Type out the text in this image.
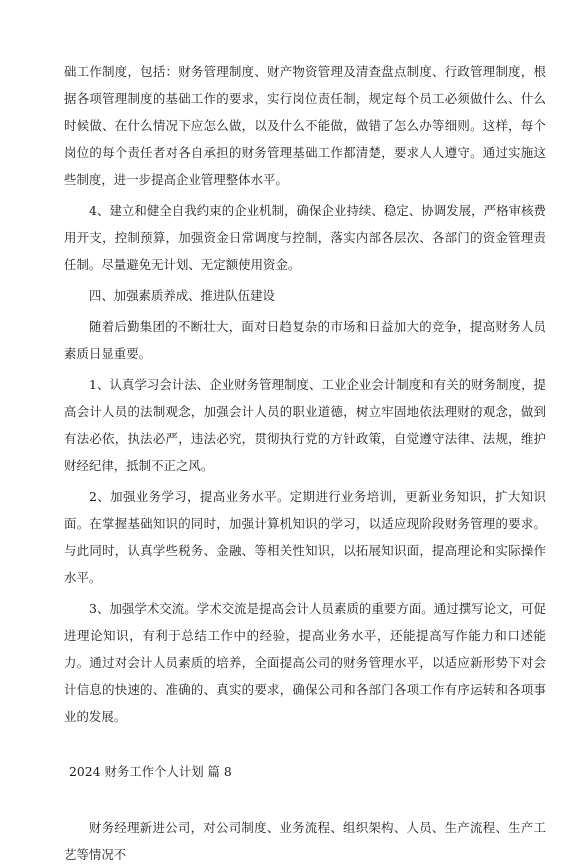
础工作制度，包括：财务管理制度、财产物资管理及清查盘点制度、行政管理制度，根据各项管理制度的基础工作的要求，实行岗位责任制，规定每个员工必须做什么、什么时候做、在什么情况下应怎么做，以及什么不能做，做错了怎么办等细则。这样，每个岗位的每个责任者对各自承担的财务管理基础工作都清楚，要求人人遵守。通过实施这些制度，进一步提高企业管理整体水平。

4、建立和健全自我约束的企业机制，确保企业持续、稳定、协调发展，严格审核费用开支，控制预算，加强资金日常调度与控制，落实内部各层次、各部门的资金管理责任制。尽量避免无计划、无定额使用资金。

四、加强素质养成、推进队伍建设

随着后勤集团的不断壮大，面对日趋复杂的市场和日益加大的竞争，提高财务人员素质日显重要。

1、认真学习会计法、企业财务管理制度、工业企业会计制度和有关的财务制度，提高会计人员的法制观念，加强会计人员的职业道德，树立牢固地依法理财的观念，做到有法必依，执法必严，违法必究，贯彻执行党的方针政策，自觉遵守法律、法规，维护财经纪律，抵制不正之风。

2、加强业务学习，提高业务水平。定期进行业务培训，更新业务知识，扩大知识面。在掌握基础知识的同时，加强计算机知识的学习，以适应现阶段财务管理的要求。与此同时，认真学些税务、金融、等相关性知识，以拓展知识面，提高理论和实际操作水平。

3、加强学术交流。学术交流是提高会计人员素质的重要方面。通过撰写论文，可促进理论知识，有利于总结工作中的经验，提高业务水平，还能提高写作能力和口述能力。通过对会计人员素质的培养，全面提高公司的财务管理水平，以适应新形势下对会计信息的快速的、准确的、真实的要求，确保公司和各部门各项工作有序运转和各项事业的发展。

2024 财务工作个人计划 篇 8

财务经理新进公司，对公司制度、业务流程、组织架构、人员、生产流程、生产工艺等情况不
